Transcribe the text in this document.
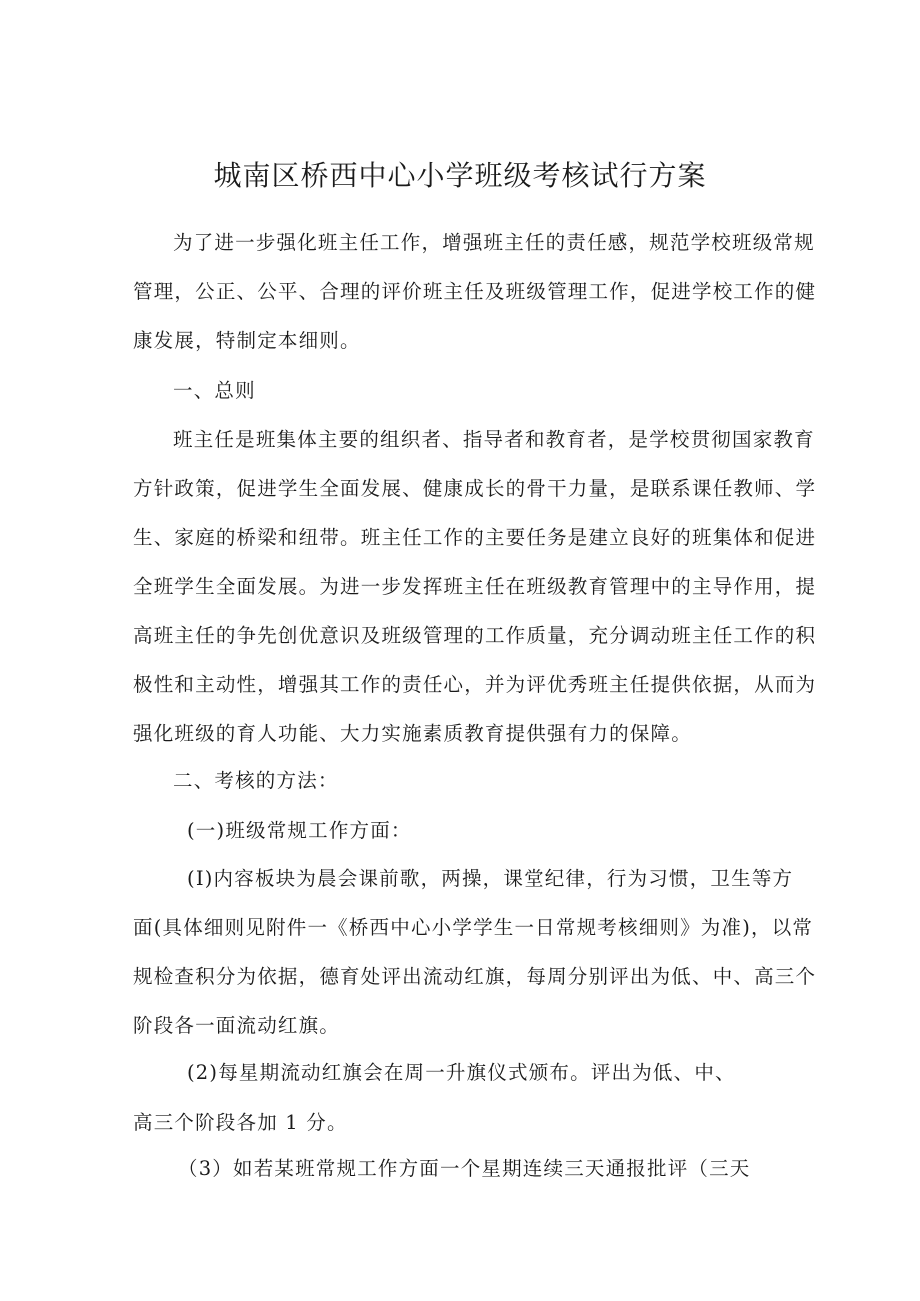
城南区桥西中心小学班级考核试行方案
为 了 进 一 步 强 化 班 主 任 工 作 ， 增 强 班 主 任 的 责 任 感 ， 规 范 学 校 班 级 常 规
管 理 ， 公 正 、 公 平 、 合 理 的 评 价 班 主 任 及 班 级 管 理 工 作 ， 促 进 学 校 工 作 的 健
康发展，特制定本细则。
一、总则
班 主 任 是 班 集 体 主 要 的 组 织 者 、 指 导 者 和 教 育 者 ， 是 学 校 贯 彻 国 家 教 育
方 针 政 策 ， 促 进 学 生 全 面 发 展 、 健 康 成 长 的 骨 干 力 量 ， 是 联 系 课 任 教 师 、 学
生 、 家 庭 的 桥 梁 和 纽 带 。 班 主 任 工 作 的 主 要 任 务 是 建 立 良 好 的 班 集 体 和 促 进
全 班 学 生 全 面 发 展 。 为 进 一 步 发 挥 班 主 任 在 班 级 教 育 管 理 中 的 主 导 作 用 ， 提
高 班 主 任 的 争 先 创 优 意 识 及 班 级 管 理 的 工 作 质 量 ， 充 分 调 动 班 主 任 工 作 的 积
极 性 和 主 动 性 ， 增 强 其 工 作 的 责 任 心 ， 并 为 评 优 秀 班 主 任 提 供 依 据 ， 从 而 为
强化班级的育人功能、大力实施素质教育提供强有力的保障。
二、考核的方法：
(一)班级常规工作方面：
( I ) 内 容 板 块 为 晨 会 课 前 歌 ， 两 操 ， 课 堂 纪 律 ， 行 为 习 惯 ， 卫 生 等 方
面 ( 具 体 细 则 见 附 件 一 《 桥 西 中 心 小 学 学 生 一 日 常 规 考 核 细 则 》 为 准 ) ， 以 常
规 检 查 积 分 为 依 据 ， 德 育 处 评 出 流 动 红 旗 ， 每 周 分 别 评 出 为 低 、 中 、 高 三 个
阶段各一面流动红旗。
(2)每星期流动红旗会在周一升旗仪式颁布。评出为低、中、
高三个阶段各加 1 分。
（3）如若某班常规工作方面一个星期连续三天通报批评（三天
